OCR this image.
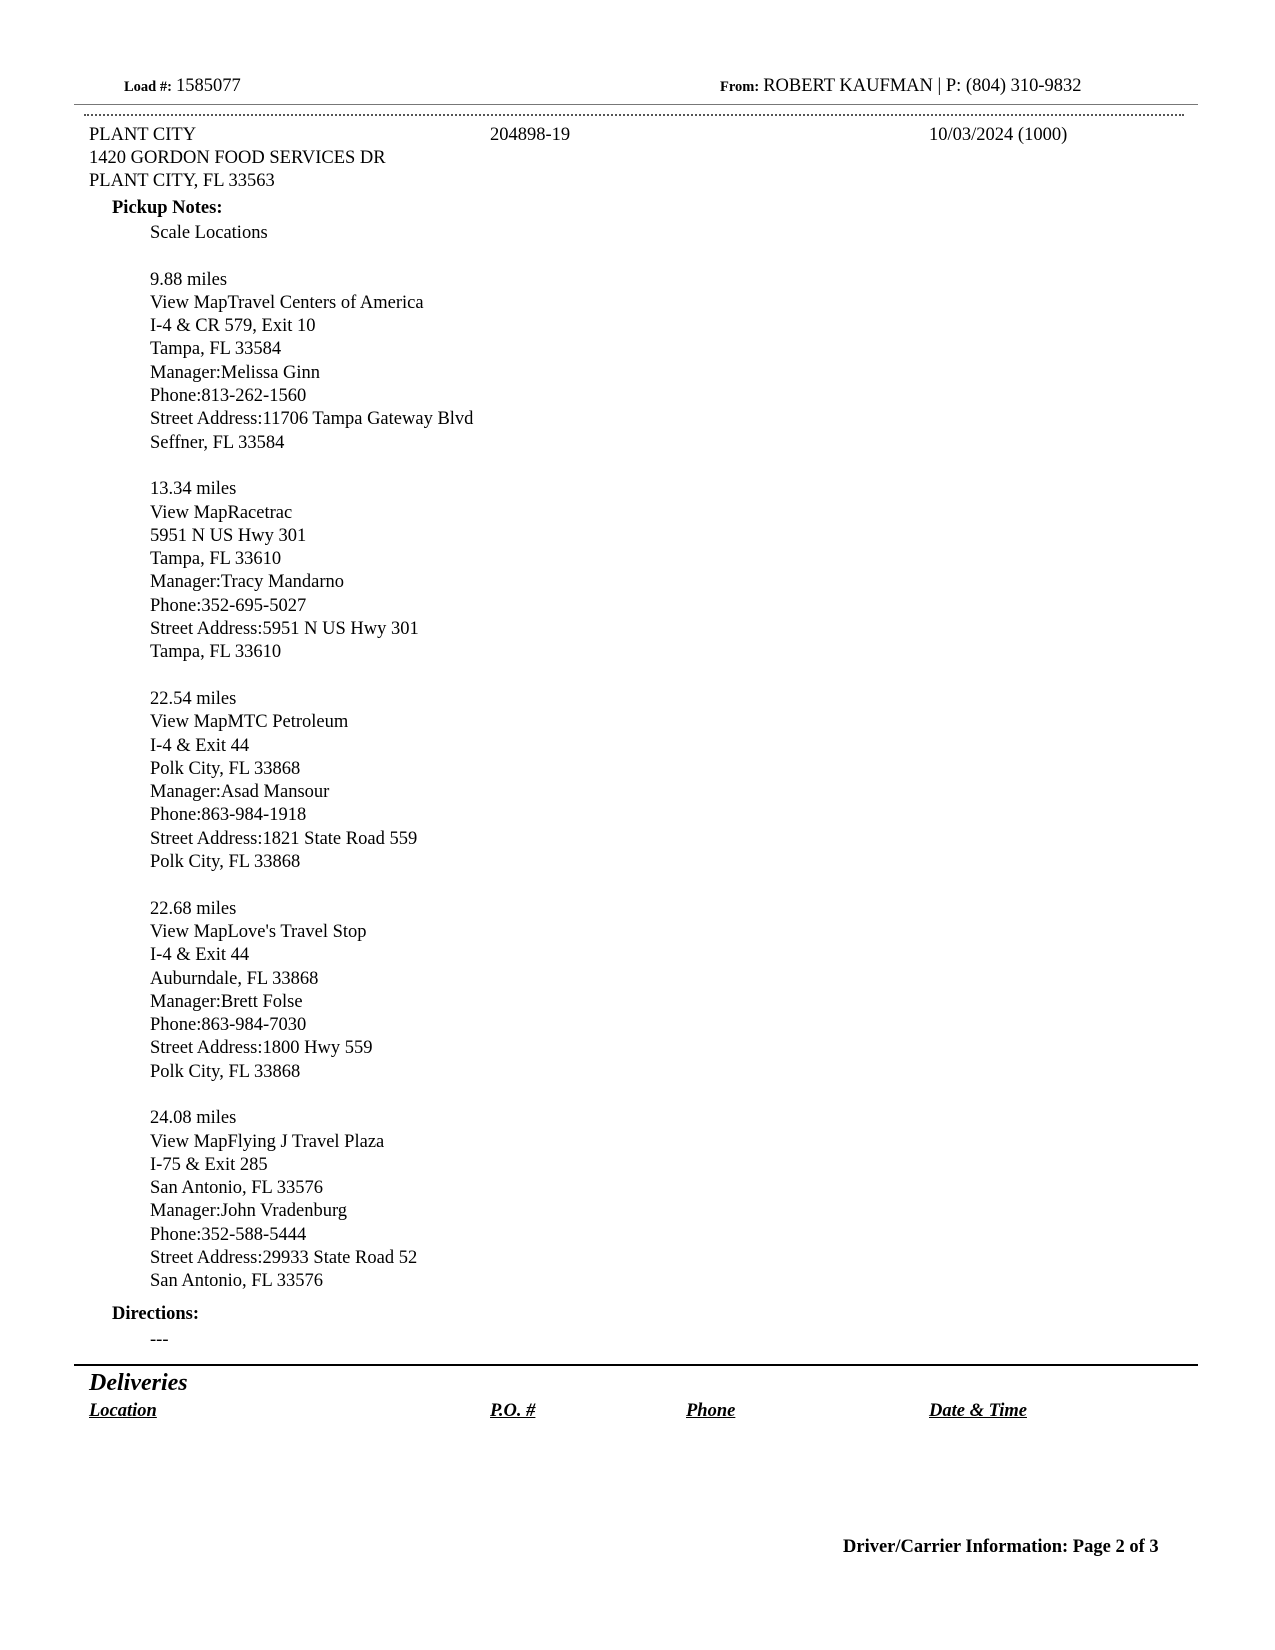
Load #: 1585077	From: ROBERT KAUFMAN | P: (804) 310-9832
PLANT CITY
1420 GORDON FOOD SERVICES DR
PLANT CITY, FL 33563
204898-19	10/03/2024 (1000)
Pickup Notes:
Scale Locations
9.88 miles
View MapTravel Centers of America
I-4 & CR 579, Exit 10
Tampa, FL 33584
Manager:Melissa Ginn
Phone:813-262-1560
Street Address:11706 Tampa Gateway Blvd
Seffner, FL 33584
13.34 miles
View MapRacetrac
5951 N US Hwy 301
Tampa, FL 33610
Manager:Tracy Mandarno
Phone:352-695-5027
Street Address:5951 N US Hwy 301
Tampa, FL 33610
22.54 miles
View MapMTC Petroleum
I-4 & Exit 44
Polk City, FL 33868
Manager:Asad Mansour
Phone:863-984-1918
Street Address:1821 State Road 559
Polk City, FL 33868
22.68 miles
View MapLove's Travel Stop
I-4 & Exit 44
Auburndale, FL 33868
Manager:Brett Folse
Phone:863-984-7030
Street Address:1800 Hwy 559
Polk City, FL 33868
24.08 miles
View MapFlying J Travel Plaza
I-75 & Exit 285
San Antonio, FL 33576
Manager:John Vradenburg
Phone:352-588-5444
Street Address:29933 State Road 52
San Antonio, FL 33576
Directions:
---
Deliveries
Location	P.O. #	Phone	Date & Time
Driver/Carrier Information: Page 2 of 3
